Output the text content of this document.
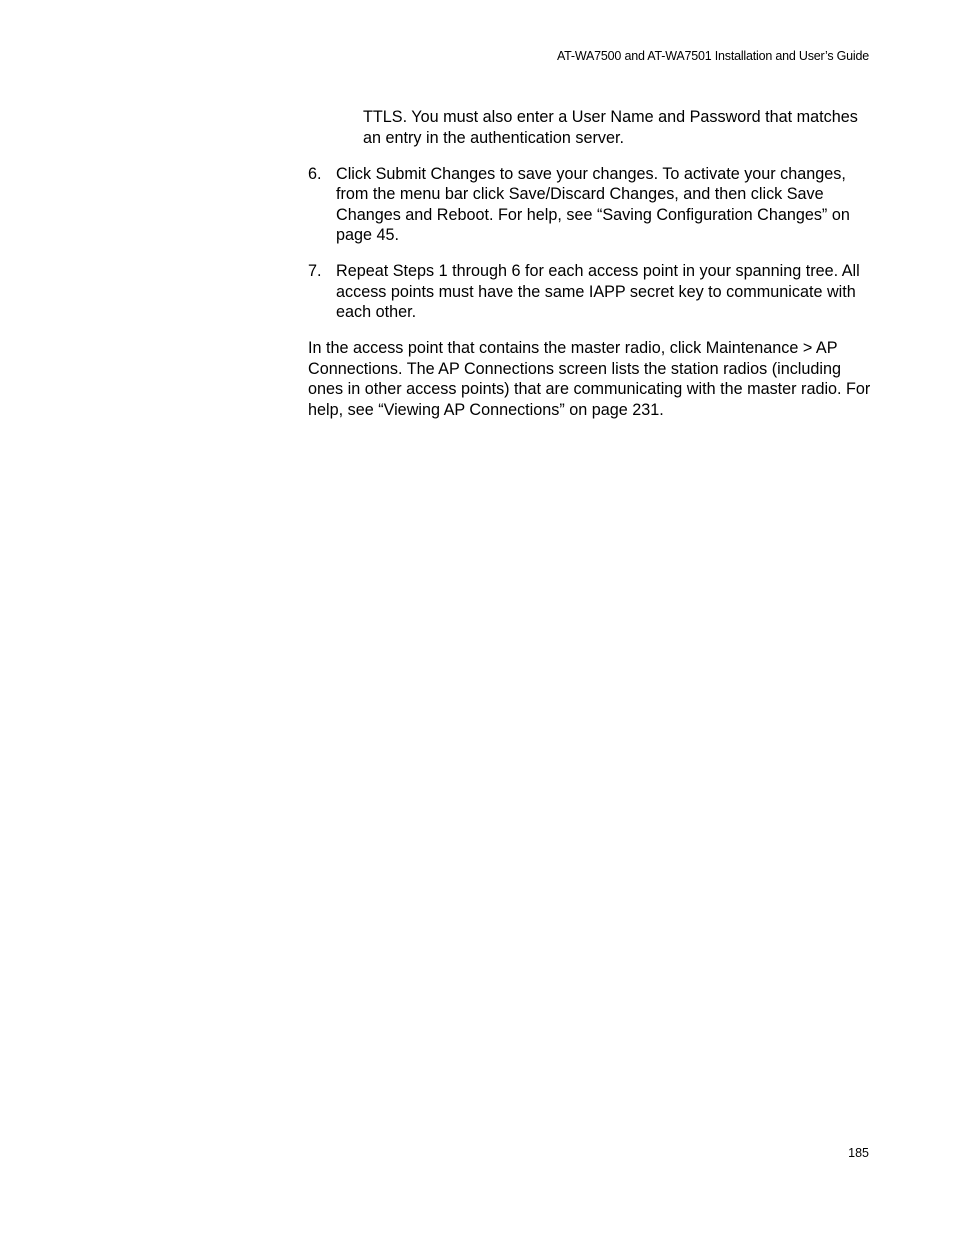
AT-WA7500 and AT-WA7501 Installation and User’s Guide

TTLS. You must also enter a User Name and Password that matches an entry in the authentication server.

6. Click Submit Changes to save your changes. To activate your changes, from the menu bar click Save/Discard Changes, and then click Save Changes and Reboot. For help, see “Saving Configuration Changes” on page 45.
7. Repeat Steps 1 through 6 for each access point in your spanning tree. All access points must have the same IAPP secret key to communicate with each other.

In the access point that contains the master radio, click Maintenance > AP Connections. The AP Connections screen lists the station radios (including ones in other access points) that are communicating with the master radio. For help, see “Viewing AP Connections” on page 231.

185
